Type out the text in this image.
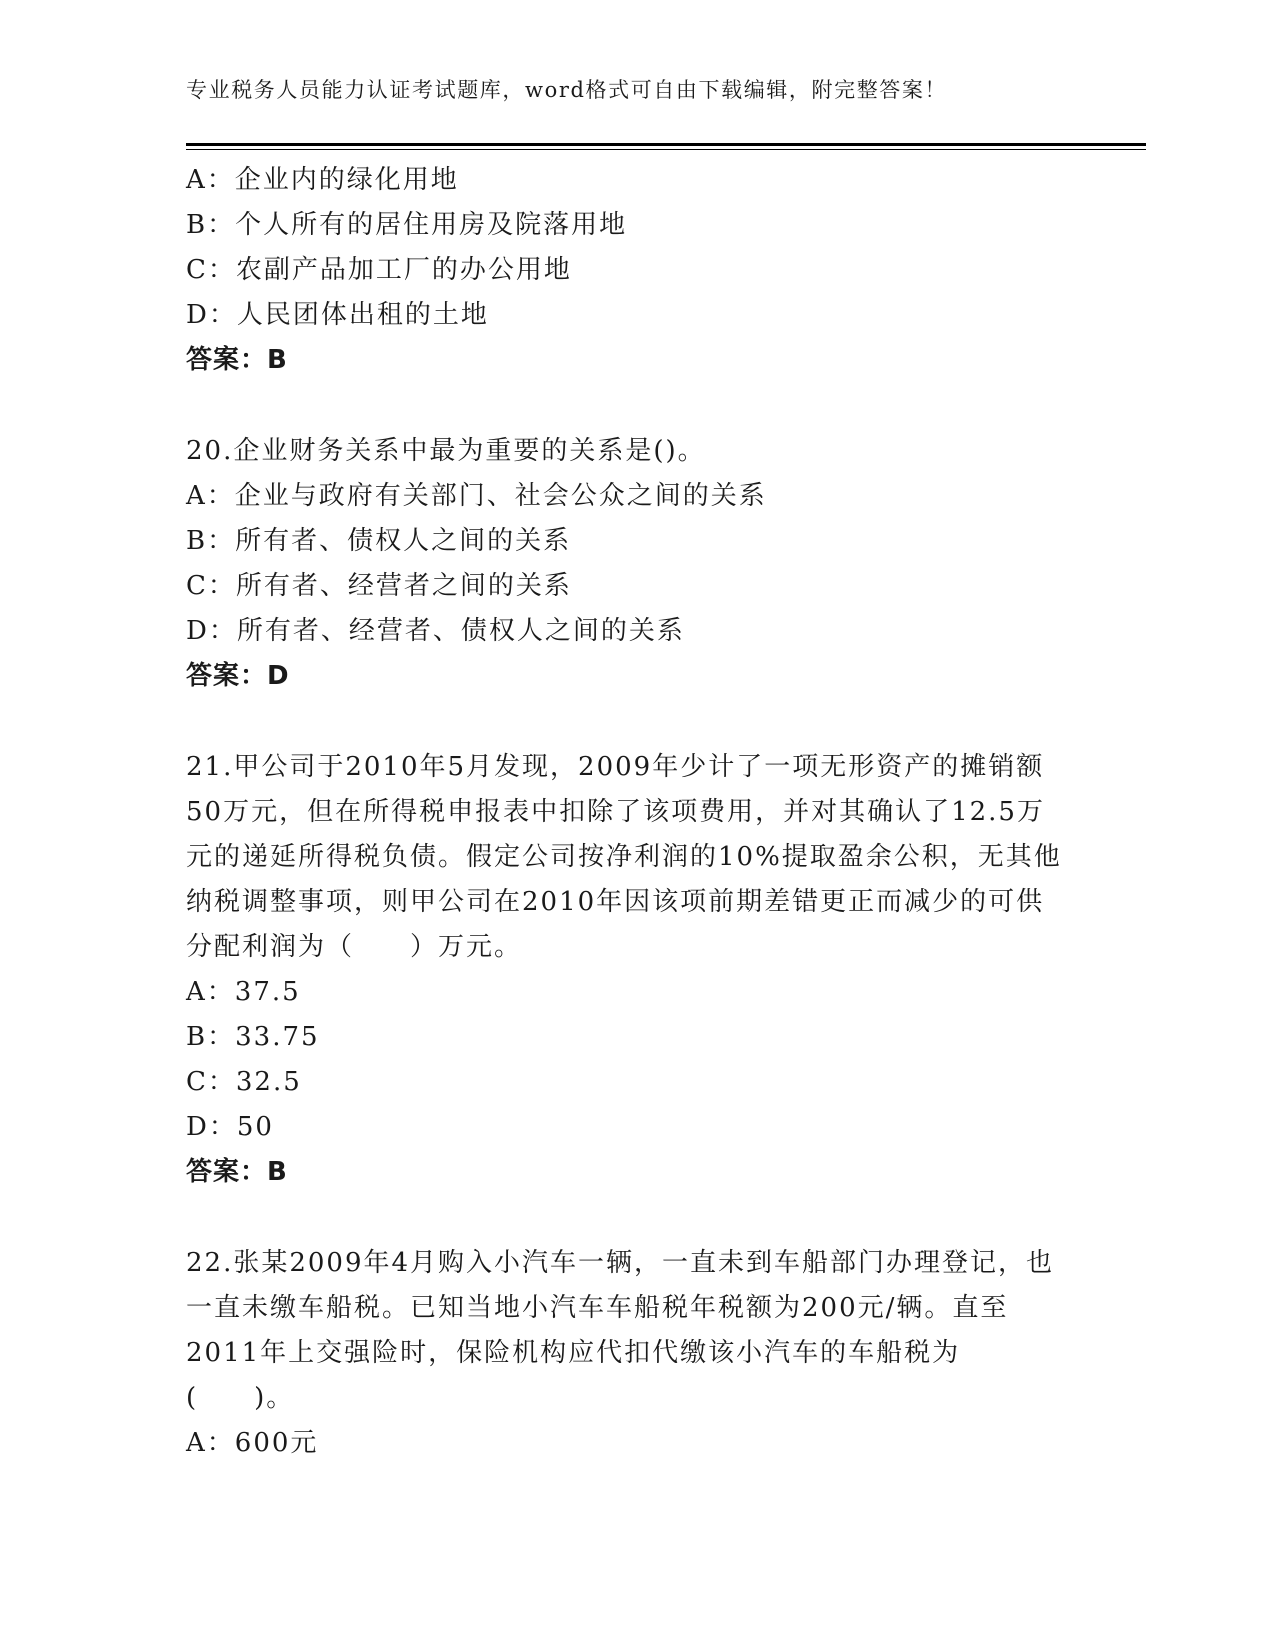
专业税务人员能力认证考试题库，word格式可自由下载编辑，附完整答案！
A：企业内的绿化用地
B：个人所有的居住用房及院落用地
C：农副产品加工厂的办公用地
D：人民团体出租的土地
答案：B
20.企业财务关系中最为重要的关系是()。
A：企业与政府有关部门、社会公众之间的关系
B：所有者、债权人之间的关系
C：所有者、经营者之间的关系
D：所有者、经营者、债权人之间的关系
答案：D
21.甲公司于2010年5月发现，2009年少计了一项无形资产的摊销额50万元，但在所得税申报表中扣除了该项费用，并对其确认了12.5万元的递延所得税负债。假定公司按净利润的10%提取盈余公积，无其他纳税调整事项，则甲公司在2010年因该项前期差错更正而减少的可供分配利润为（　　）万元。
A：37.5
B：33.75
C：32.5
D：50
答案：B
22.张某2009年4月购入小汽车一辆，一直未到车船部门办理登记，也一直未缴车船税。已知当地小汽车车船税年税额为200元/辆。直至2011年上交强险时，保险机构应代扣代缴该小汽车的车船税为(　　)。
A：600元
